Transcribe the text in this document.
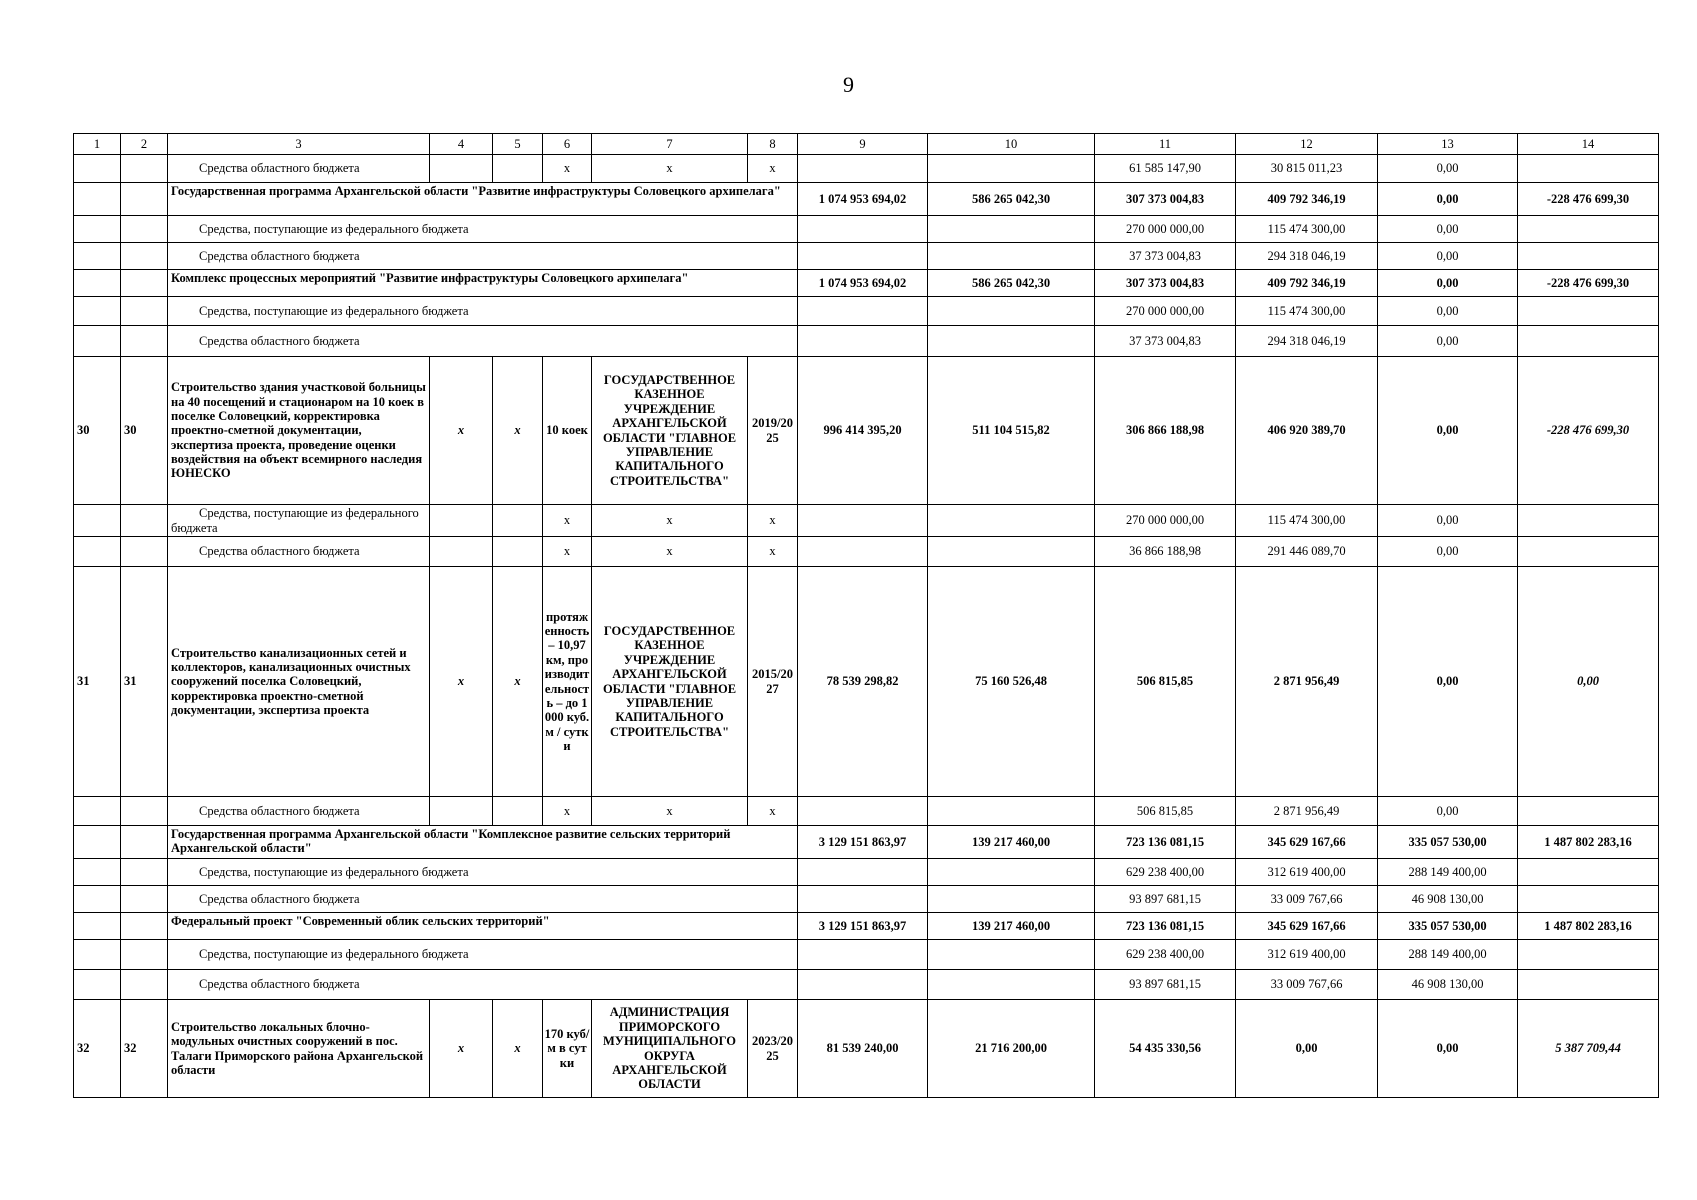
9
1	2	3	4	5	6	7	8	9	10	11	12	13	14
		Средства областного бюджета			x	x	x			61 585 147,90	30 815 011,23	0,00	
		Государственная программа Архангельской области "Развитие инфраструктуры Соловецкого архипелага"						1 074 953 694,02	586 265 042,30	307 373 004,83	409 792 346,19	0,00	-228 476 699,30
		Средства, поступающие из федерального бюджета								270 000 000,00	115 474 300,00	0,00	
		Средства областного бюджета								37 373 004,83	294 318 046,19	0,00	
		Комплекс процессных мероприятий "Развитие инфраструктуры Соловецкого архипелага"						1 074 953 694,02	586 265 042,30	307 373 004,83	409 792 346,19	0,00	-228 476 699,30
		Средства, поступающие из федерального бюджета								270 000 000,00	115 474 300,00	0,00	
		Средства областного бюджета								37 373 004,83	294 318 046,19	0,00	
30	30	Строительство здания участковой больницы на 40 посещений и стационаром на 10 коек в поселке Соловецкий, корректировка проектно-сметной документации, экспертиза проекта, проведение оценки воздействия на объект всемирного наследия ЮНЕСКО	x	x	10 коек	ГОСУДАРСТВЕННОЕ КАЗЕННОЕ УЧРЕЖДЕНИЕ АРХАНГЕЛЬСКОЙ ОБЛАСТИ "ГЛАВНОЕ УПРАВЛЕНИЕ КАПИТАЛЬНОГО СТРОИТЕЛЬСТВА"	2019/2025	996 414 395,20	511 104 515,82	306 866 188,98	406 920 389,70	0,00	-228 476 699,30
		Средства, поступающие из федерального бюджета			x	x	x			270 000 000,00	115 474 300,00	0,00	
		Средства областного бюджета			x	x	x			36 866 188,98	291 446 089,70	0,00	
31	31	Строительство канализационных сетей и коллекторов, канализационных очистных сооружений поселка Соловецкий, корректировка проектно-сметной документации, экспертиза проекта	x	x	протяженность – 10,97 км, производительность – до 1 000 куб. м / сутки	ГОСУДАРСТВЕННОЕ КАЗЕННОЕ УЧРЕЖДЕНИЕ АРХАНГЕЛЬСКОЙ ОБЛАСТИ "ГЛАВНОЕ УПРАВЛЕНИЕ КАПИТАЛЬНОГО СТРОИТЕЛЬСТВА"	2015/2027	78 539 298,82	75 160 526,48	506 815,85	2 871 956,49	0,00	0,00
		Средства областного бюджета			x	x	x			506 815,85	2 871 956,49	0,00	
		Государственная программа Архангельской области "Комплексное развитие сельских территорий Архангельской области"						3 129 151 863,97	139 217 460,00	723 136 081,15	345 629 167,66	335 057 530,00	1 487 802 283,16
		Средства, поступающие из федерального бюджета								629 238 400,00	312 619 400,00	288 149 400,00	
		Средства областного бюджета								93 897 681,15	33 009 767,66	46 908 130,00	
		Федеральный проект "Современный облик сельских территорий"						3 129 151 863,97	139 217 460,00	723 136 081,15	345 629 167,66	335 057 530,00	1 487 802 283,16
		Средства, поступающие из федерального бюджета								629 238 400,00	312 619 400,00	288 149 400,00	
		Средства областного бюджета								93 897 681,15	33 009 767,66	46 908 130,00	
32	32	Строительство локальных блочно-модульных очистных сооружений в пос. Талаги Приморского района Архангельской области	x	x	170 куб/м в сутки	АДМИНИСТРАЦИЯ ПРИМОРСКОГО МУНИЦИПАЛЬНОГО ОКРУГА АРХАНГЕЛЬСКОЙ ОБЛАСТИ	2023/2025	81 539 240,00	21 716 200,00	54 435 330,56	0,00	0,00	5 387 709,44
